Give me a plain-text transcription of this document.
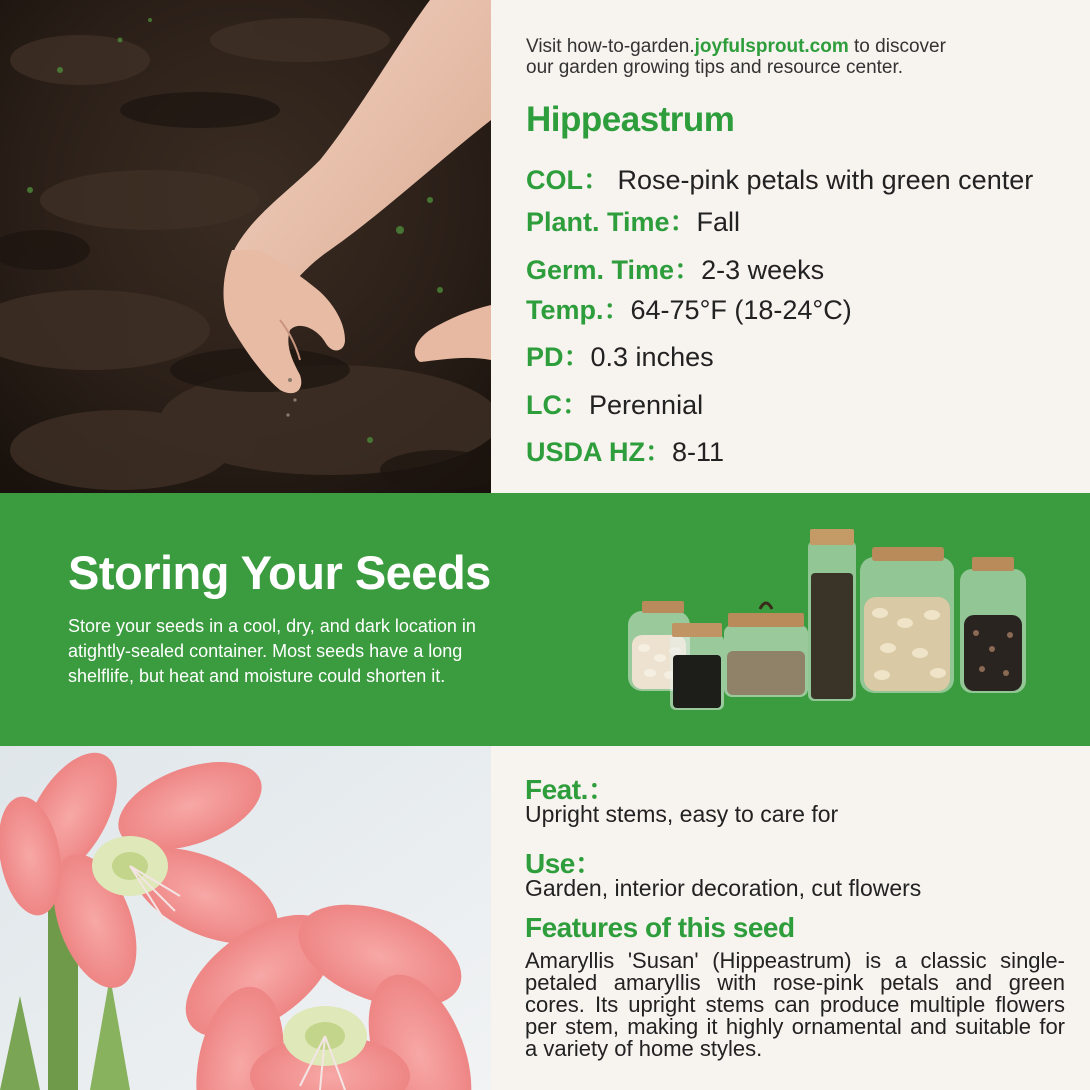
Visit how-to-garden.joyfulsprout.com to discover
our garden growing tips and resource center.

Hippeastrum
COL： Rose-pink petals with green center
Plant. Time：Fall
Germ. Time：2-3 weeks
Temp.：64-75°F (18-24°C)
PD：0.3 inches
LC：Perennial
USDA HZ：8-11
Storing Your Seeds

Store your seeds in a cool, dry, and dark location in atightly-sealed container. Most seeds have a long shelflife, but heat and moisture could shorten it.

Feat.：

Upright stems, easy to care for

Use：

Garden, interior decoration, cut flowers

Features of this seed

Amaryllis 'Susan' (Hippeastrum) is a classic single-petaled amaryllis with rose-pink petals and green cores. Its upright stems can produce multiple flowers per stem, making it highly ornamental and suitable for a variety of home styles.
